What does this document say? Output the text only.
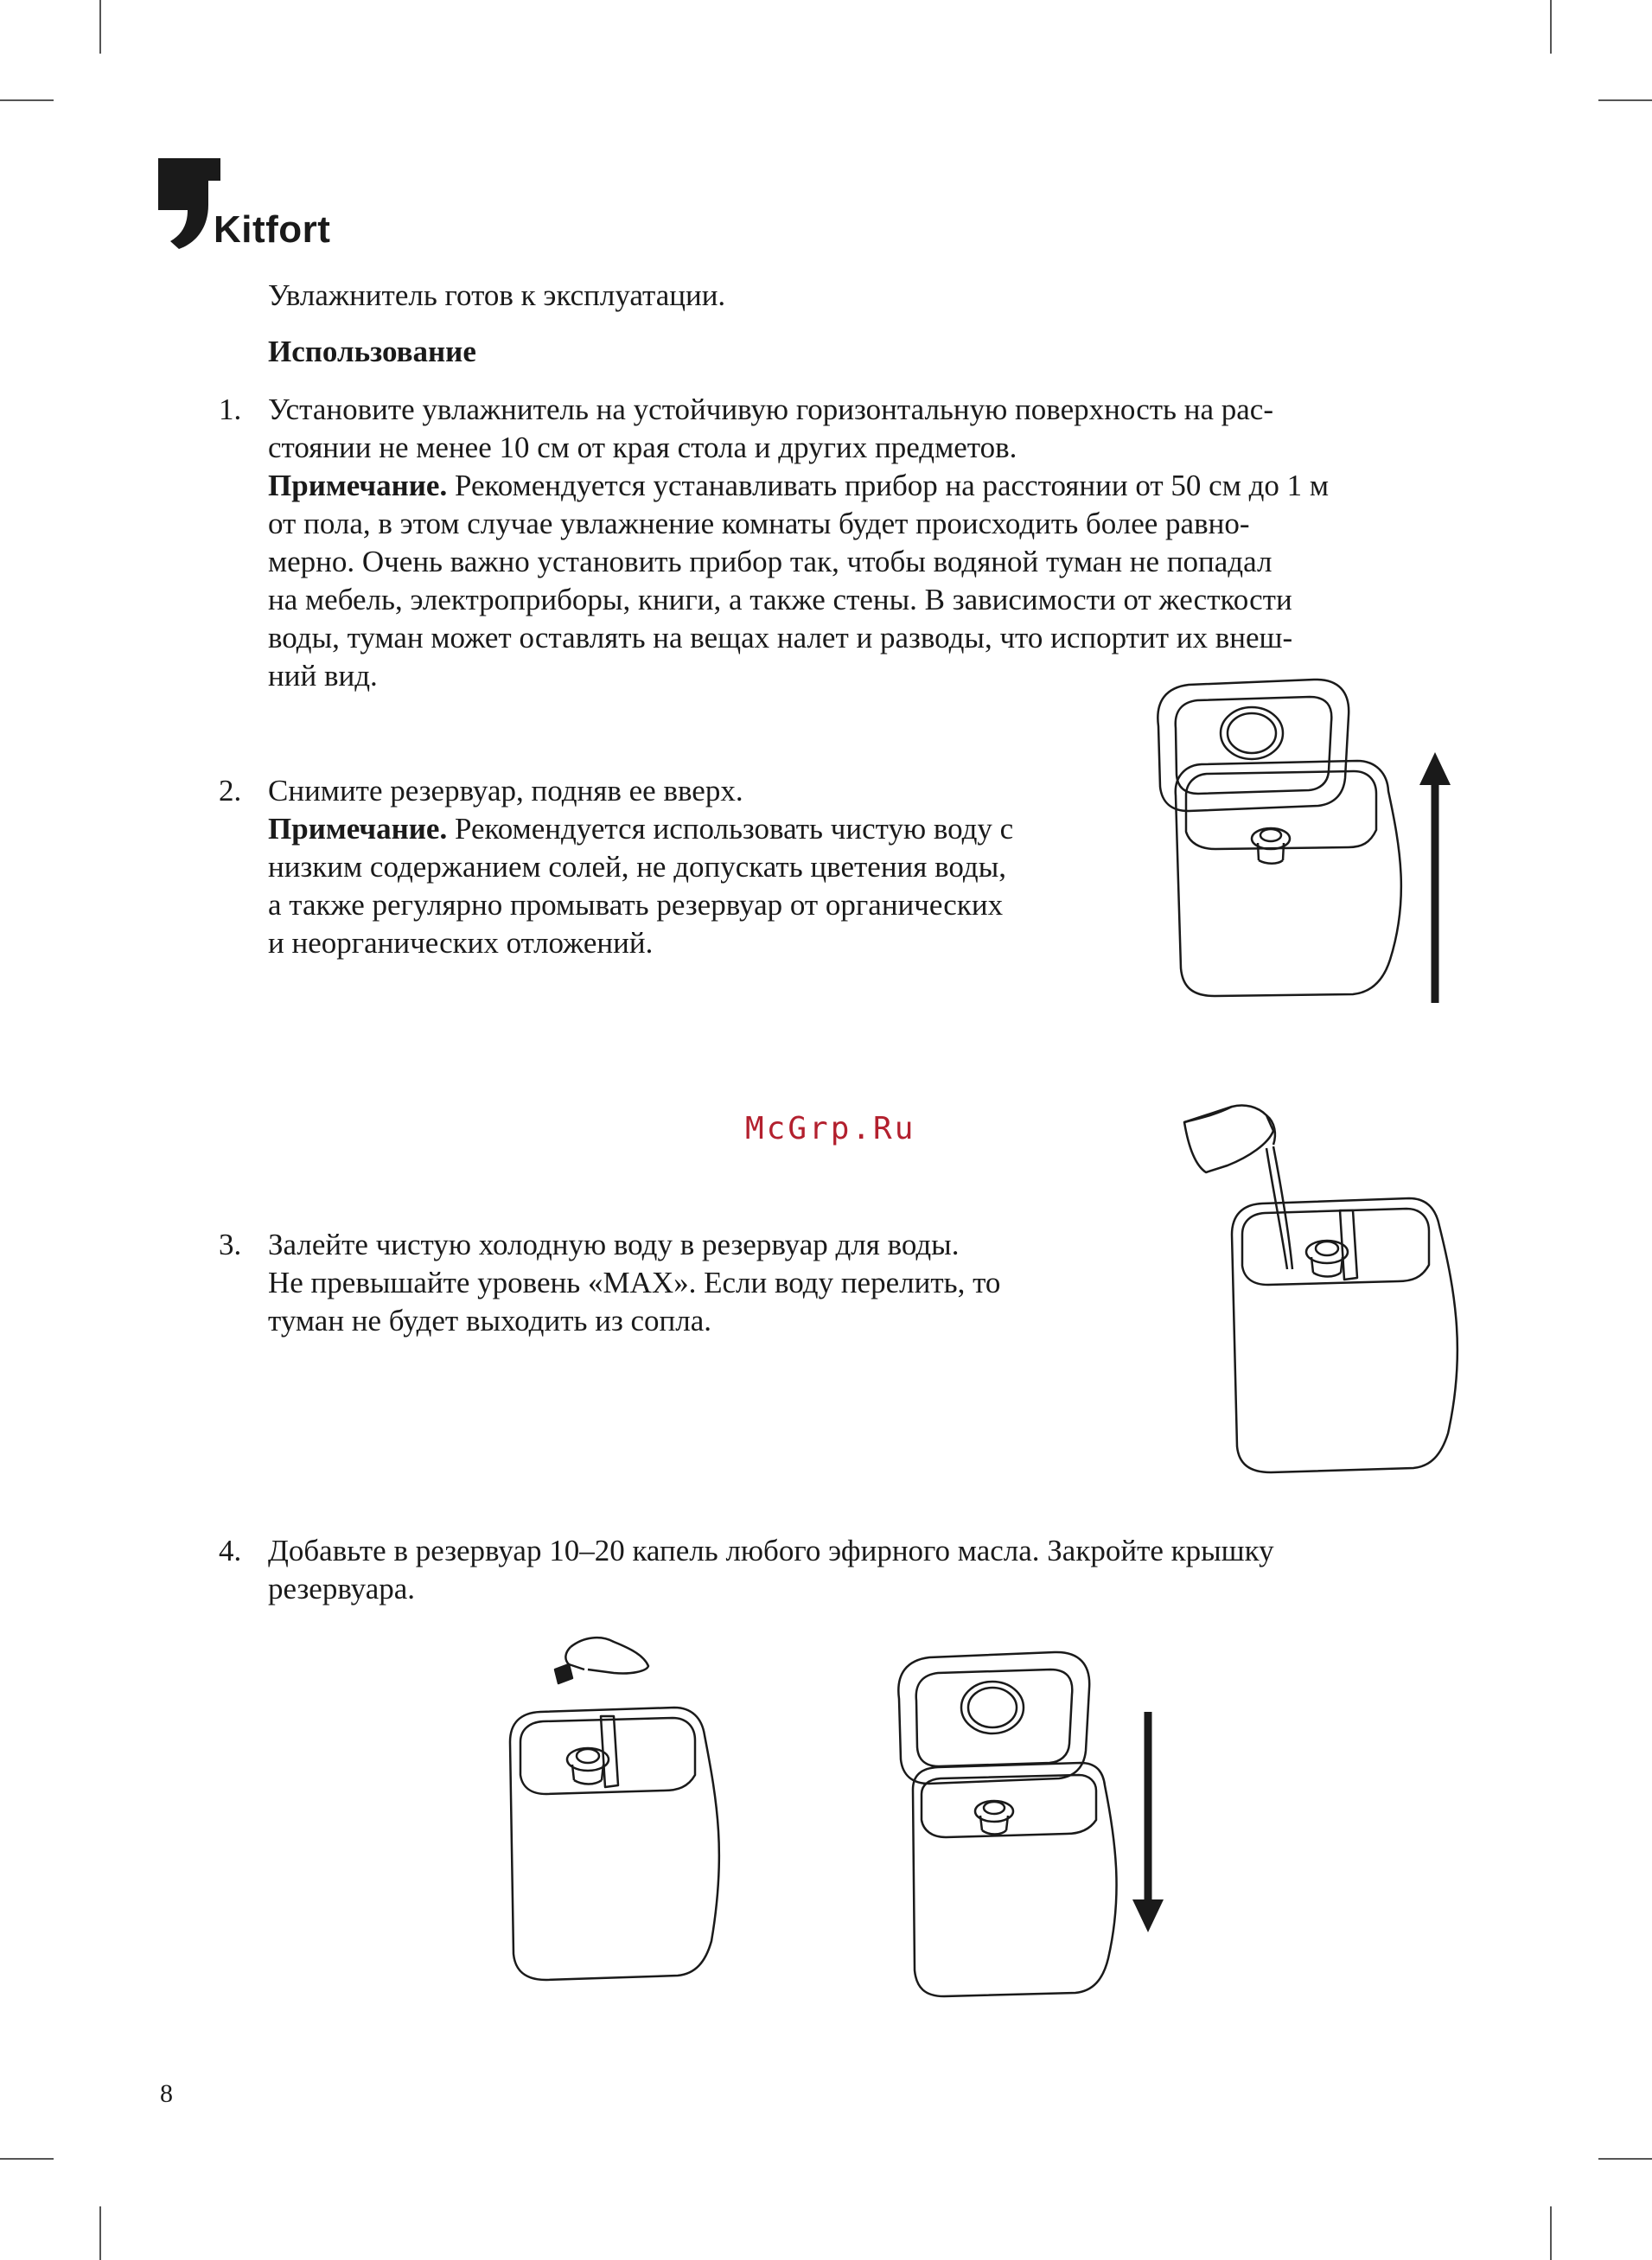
Kitfort

Увлажнитель готов к эксплуатации.

Использование

1. Установите увлажнитель на устойчивую горизонтальную поверхность на рас-
стоянии не менее 10 см от края стола и других предметов.
Примечание. Рекомендуется устанавливать прибор на расстоянии от 50 см до 1 м
от пола, в этом случае увлажнение комнаты будет происходить более равно-
мерно. Очень важно установить прибор так, чтобы водяной туман не попадал
на мебель, электроприборы, книги, а также стены. В зависимости от жесткости
воды, туман может оставлять на вещах налет и разводы, что испортит их внеш-
ний вид.
2. Снимите резервуар, подняв ее вверх.
Примечание. Рекомендуется использовать чистую воду с
низким содержанием солей, не допускать цветения воды,
а также регулярно промывать резервуар от органических
и неорганических отложений.
McGrp.Ru
3. Залейте чистую холодную воду в резервуар для воды.
Не превышайте уровень «MAX». Если воду перелить, то
туман не будет выходить из сопла.
4. Добавьте в резервуар 10–20 капель любого эфирного масла. Закройте крышку
резервуара.
8
